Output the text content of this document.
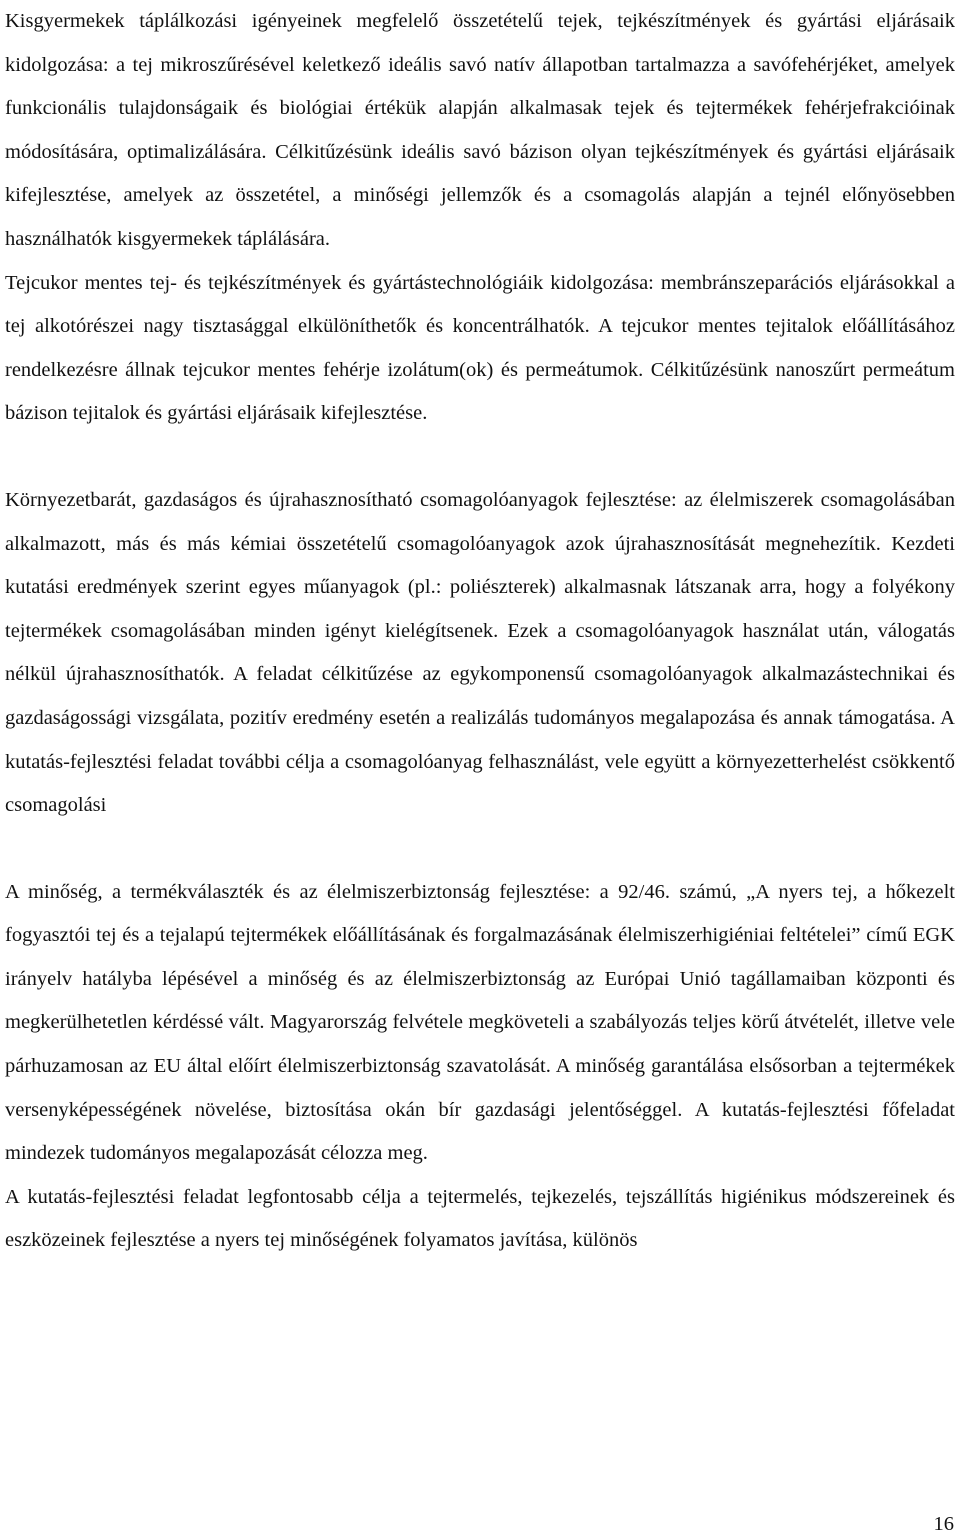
Kisgyermekek táplálkozási igényeinek megfelelő összetételű tejek, tejkészítmények és gyártási eljárásaik kidolgozása: a tej mikroszűrésével keletkező ideális savó natív állapotban tartalmazza a savófehérjéket, amelyek funkcionális tulajdonságaik és biológiai értékük alapján alkalmasak tejek és tejtermékek fehérjefrakcióinak módosítására, optimalizálására. Célkitűzésünk ideális savó bázison olyan tejkészítmények és gyártási eljárásaik kifejlesztése, amelyek az összetétel, a minőségi jellemzők és a csomagolás alapján a tejnél előnyösebben használhatók kisgyermekek táplálására.

Tejcukor mentes tej- és tejkészítmények és gyártástechnológiáik kidolgozása: membránszeparációs eljárásokkal a tej alkotórészei nagy tisztasággal elkülöníthetők és koncentrálhatók. A tejcukor mentes tejitalok előállításához rendelkezésre állnak tejcukor mentes fehérje izolátum(ok) és permeátumok. Célkitűzésünk nanoszűrt permeátum bázison tejitalok és gyártási eljárásaik kifejlesztése.

Környezetbarát, gazdaságos és újrahasznosítható csomagolóanyagok fejlesztése: az élelmiszerek csomagolásában alkalmazott, más és más kémiai összetételű csomagolóanyagok azok újrahasznosítását megnehezítik. Kezdeti kutatási eredmények szerint egyes műanyagok (pl.: poliészterek) alkalmasnak látszanak arra, hogy a folyékony tejtermékek csomagolásában minden igényt kielégítsenek. Ezek a csomagolóanyagok használat után, válogatás nélkül újrahasznosíthatók. A feladat célkitűzése az egykomponensű csomagolóanyagok alkalmazástechnikai és gazdaságossági vizsgálata, pozitív eredmény esetén a realizálás tudományos megalapozása és annak támogatása. A kutatás-fejlesztési feladat további célja a csomagolóanyag felhasználást, vele együtt a környezetterhelést csökkentő csomagolási

A minőség, a termékválaszték és az élelmiszerbiztonság fejlesztése: a 92/46. számú, „A nyers tej, a hőkezelt fogyasztói tej és a tejalapú tejtermékek előállításának és forgalmazásának élelmiszerhigiéniai feltételei” című EGK irányelv hatályba lépésével a minőség és az élelmiszerbiztonság az Európai Unió tagállamaiban központi és megkerülhetetlen kérdéssé vált. Magyarország felvétele megköveteli a szabályozás teljes körű átvételét, illetve vele párhuzamosan az EU által előírt élelmiszerbiztonság szavatolását. A minőség garantálása elsősorban a tejtermékek versenyképességének növelése, biztosítása okán bír gazdasági jelentőséggel. A kutatás-fejlesztési főfeladat mindezek tudományos megalapozását célozza meg.

A kutatás-fejlesztési feladat legfontosabb célja a tejtermelés, tejkezelés, tejszállítás higiénikus módszereinek és eszközeinek fejlesztése a nyers tej minőségének folyamatos javítása, különös

16
